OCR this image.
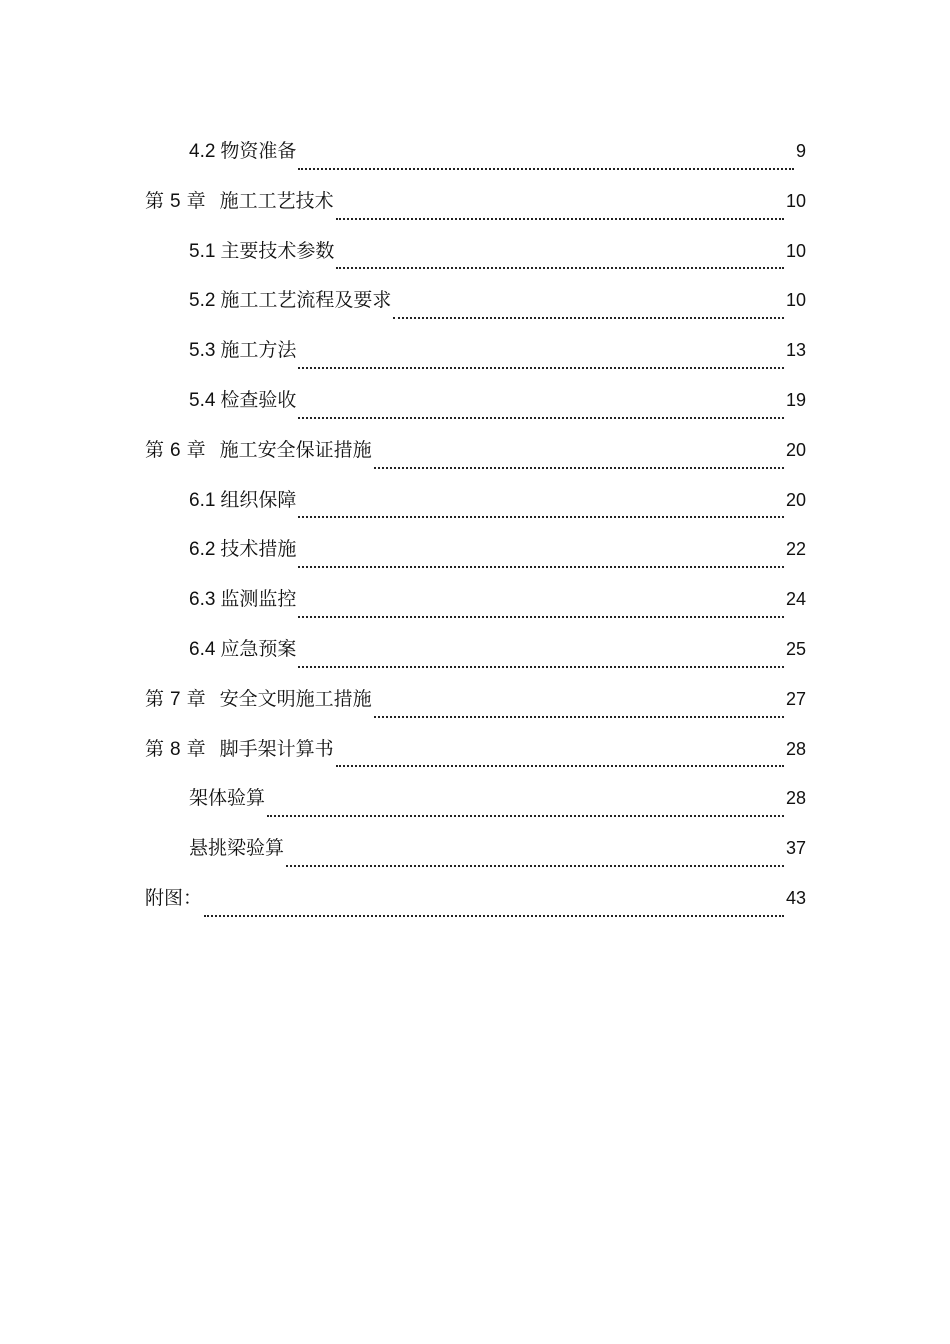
4.2 物资准备	9
第 5 章 施工工艺技术	10
5.1 主要技术参数	10
5.2 施工工艺流程及要求	10
5.3 施工方法	13
5.4 检查验收	19
第 6 章 施工安全保证措施	20
6.1 组织保障	20
6.2 技术措施	22
6.3 监测监控	24
6.4 应急预案	25
第 7 章 安全文明施工措施	27
第 8 章 脚手架计算书	28
架体验算	28
悬挑梁验算	37
附图：	43
